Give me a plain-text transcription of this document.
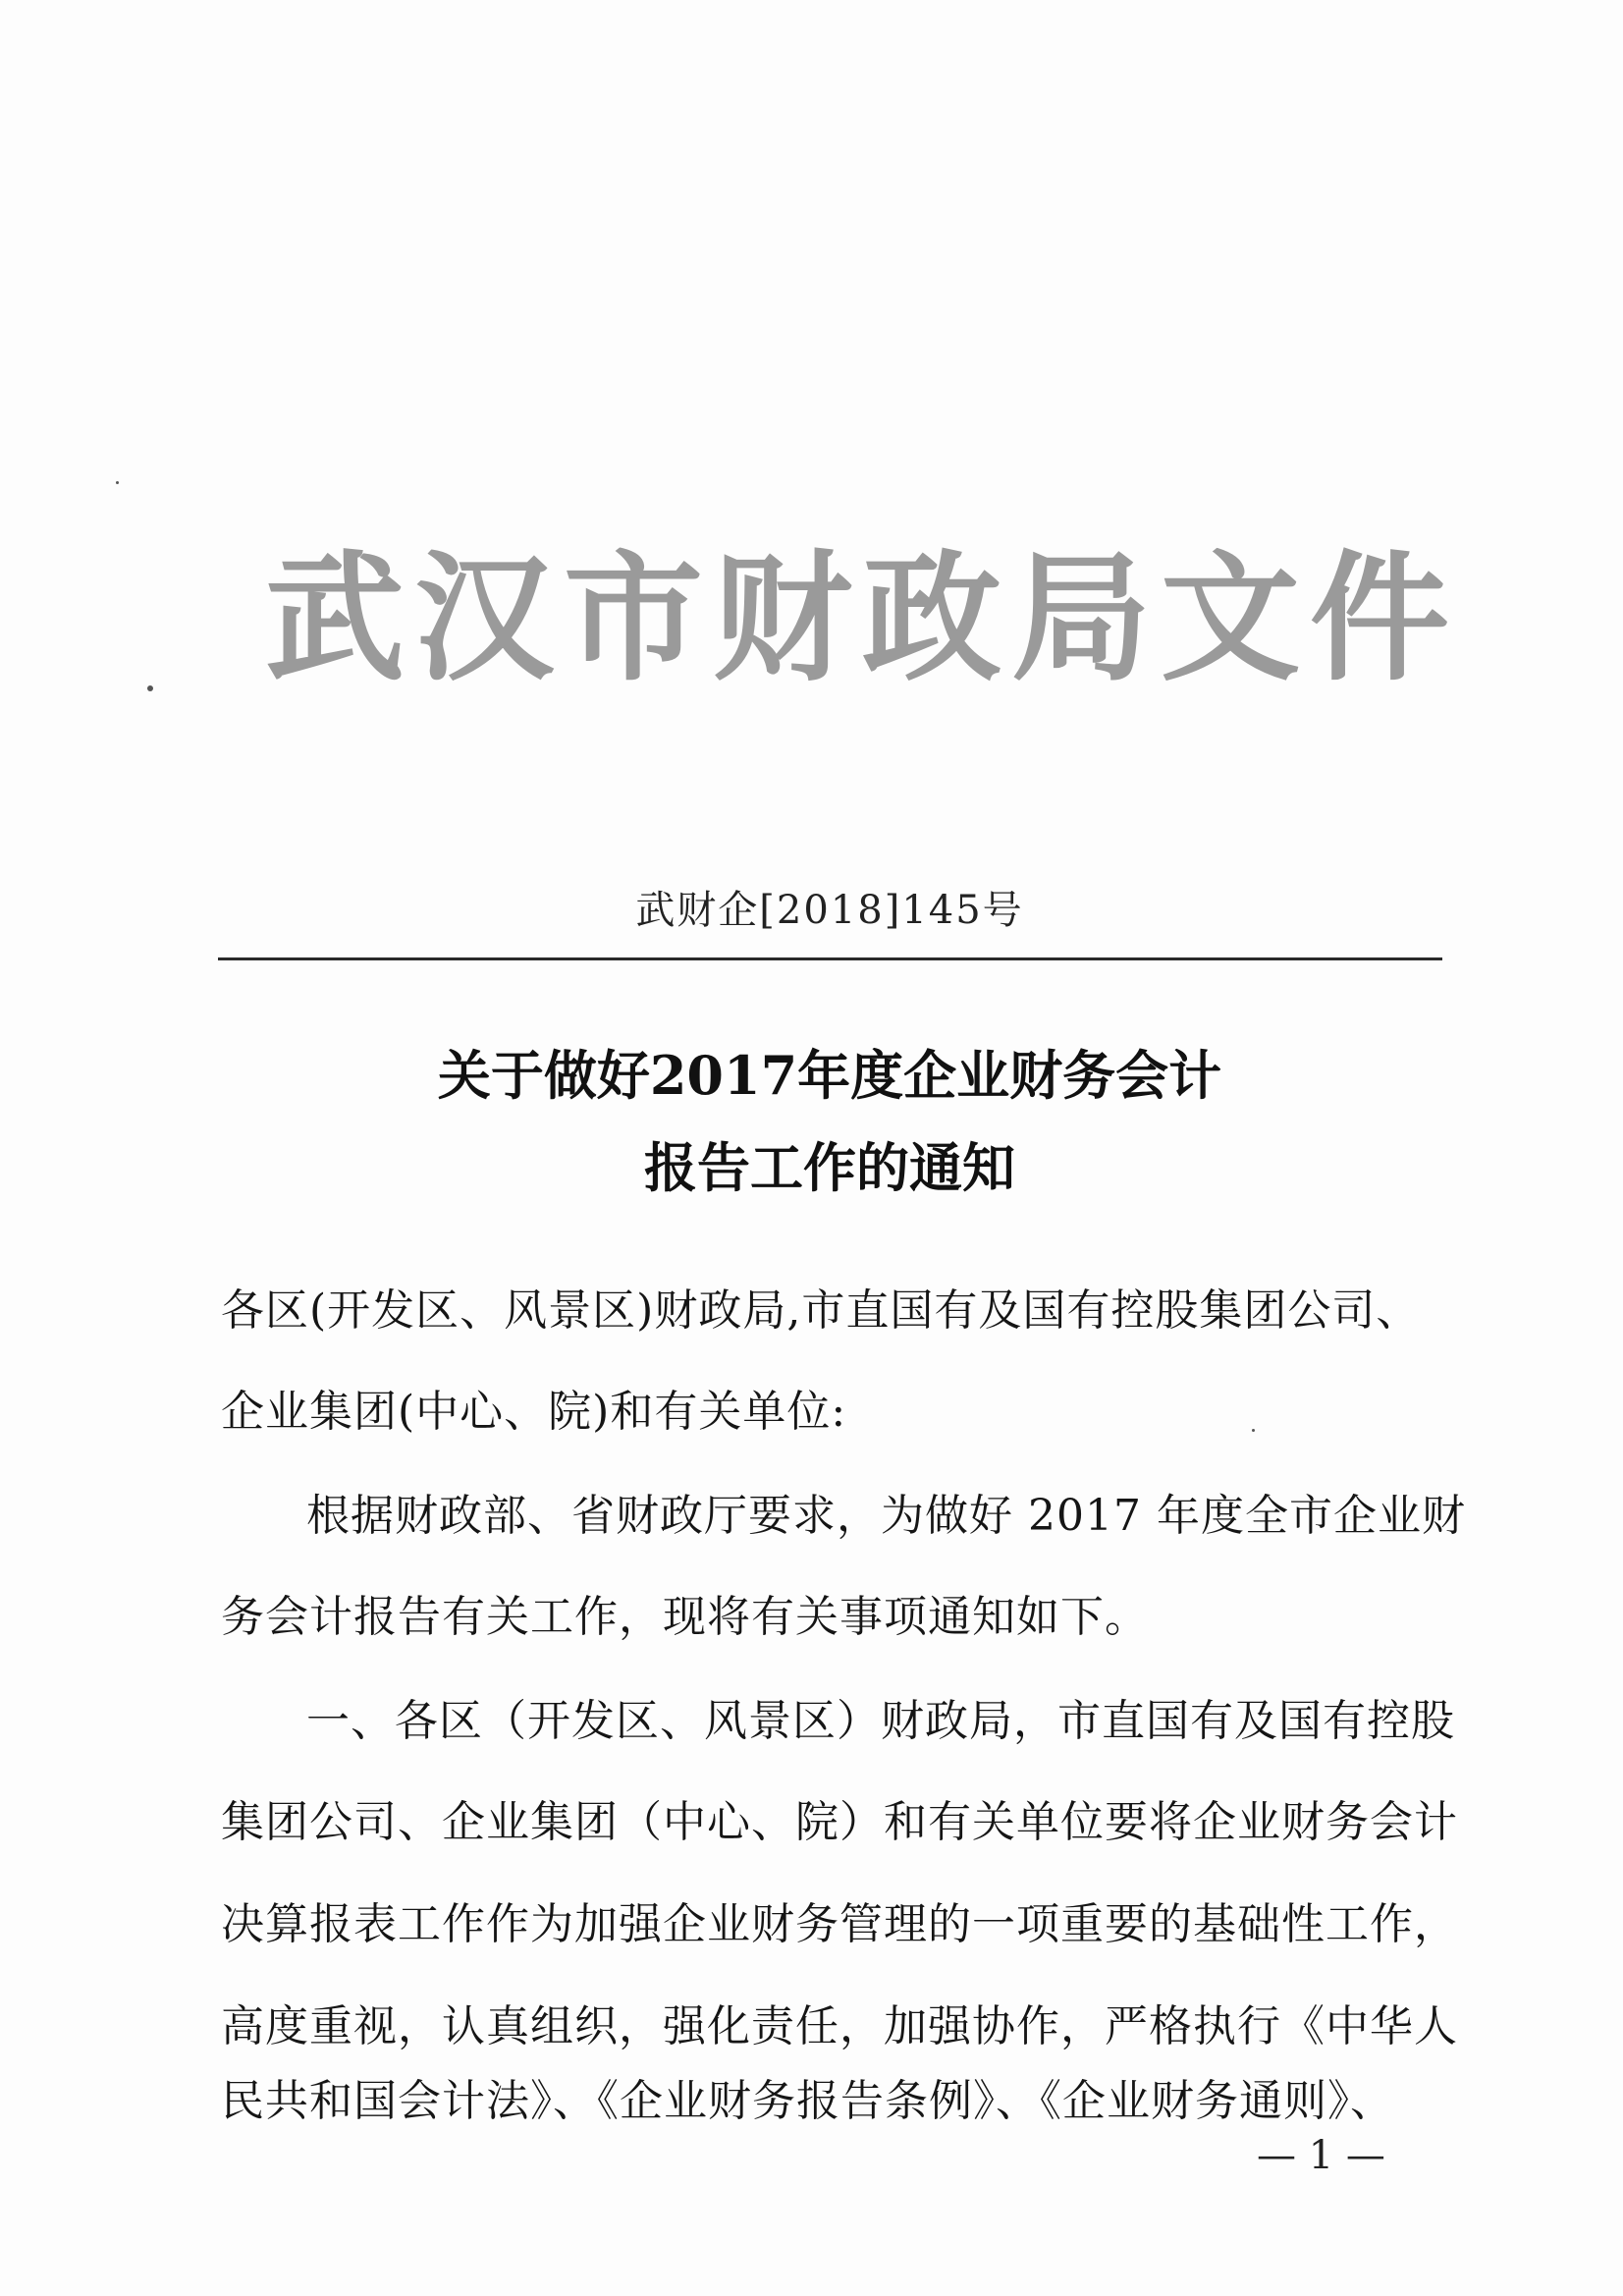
武汉市财政局文件
武财企[2018]145号
关于做好2017年度企业财务会计
报告工作的通知
各区(开发区、风景区)财政局,市直国有及国有控股集团公司、
企业集团(中心、院)和有关单位:
根据财政部、省财政厅要求，为做好 2017 年度全市企业财
务会计报告有关工作，现将有关事项通知如下。
一、各区（开发区、风景区）财政局，市直国有及国有控股
集团公司、企业集团（中心、院）和有关单位要将企业财务会计
决算报表工作作为加强企业财务管理的一项重要的基础性工作，
高度重视，认真组织，强化责任，加强协作，严格执行《中华人
民共和国会计法》、《企业财务报告条例》、《企业财务通则》、
— 1 —
